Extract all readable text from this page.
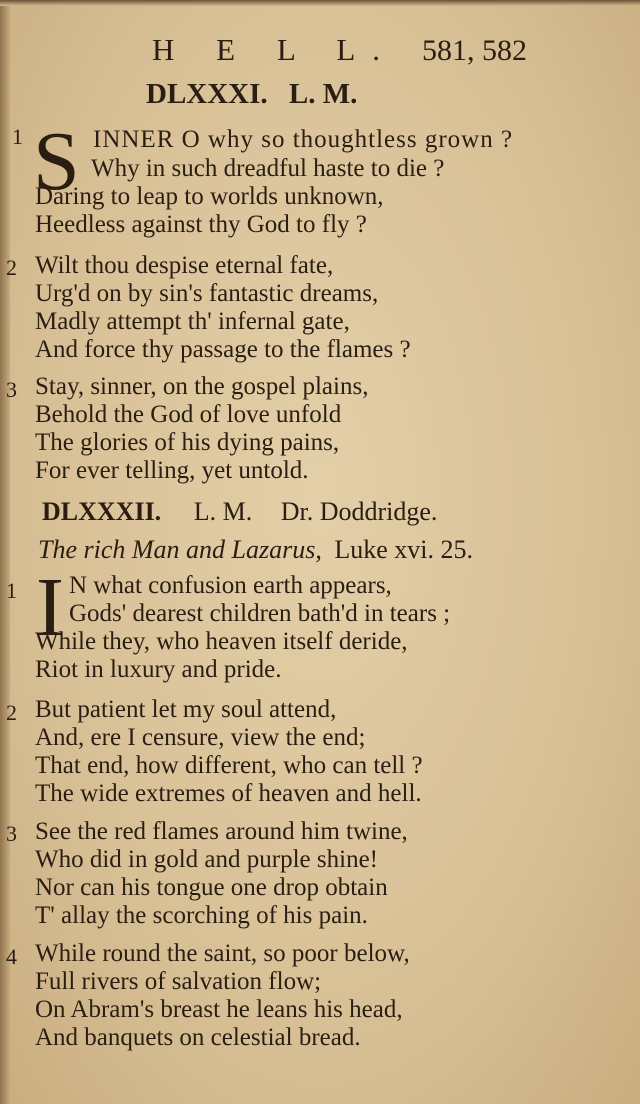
H E L L. 581, 582
DLXXXI. L. M.
1 S INNER O why so thoughtless grown ?
Why in such dreadful haste to die ?
Daring to leap to worlds unknown,
Heedless against thy God to fly ?
2 Wilt thou despise eternal fate,
Urg'd on by sin's fantastic dreams,
Madly attempt th' infernal gate,
And force thy passage to the flames ?
3 Stay, sinner, on the gospel plains,
Behold the God of love unfold
The glories of his dying pains,
For ever telling, yet untold.
DLXXXII. L. M. Dr. Doddridge.
The rich Man and Lazarus, Luke xvi. 25.
1 I N what confusion earth appears,
Gods' dearest children bath'd in tears ;
While they, who heaven itself deride,
Riot in luxury and pride.
2 But patient let my soul attend,
And, ere I censure, view the end;
That end, how different, who can tell ?
The wide extremes of heaven and hell.
3 See the red flames around him twine,
Who did in gold and purple shine!
Nor can his tongue one drop obtain
T' allay the scorching of his pain.
4 While round the saint, so poor below,
Full rivers of salvation flow;
On Abram's breast he leans his head,
And banquets on celestial bread.
